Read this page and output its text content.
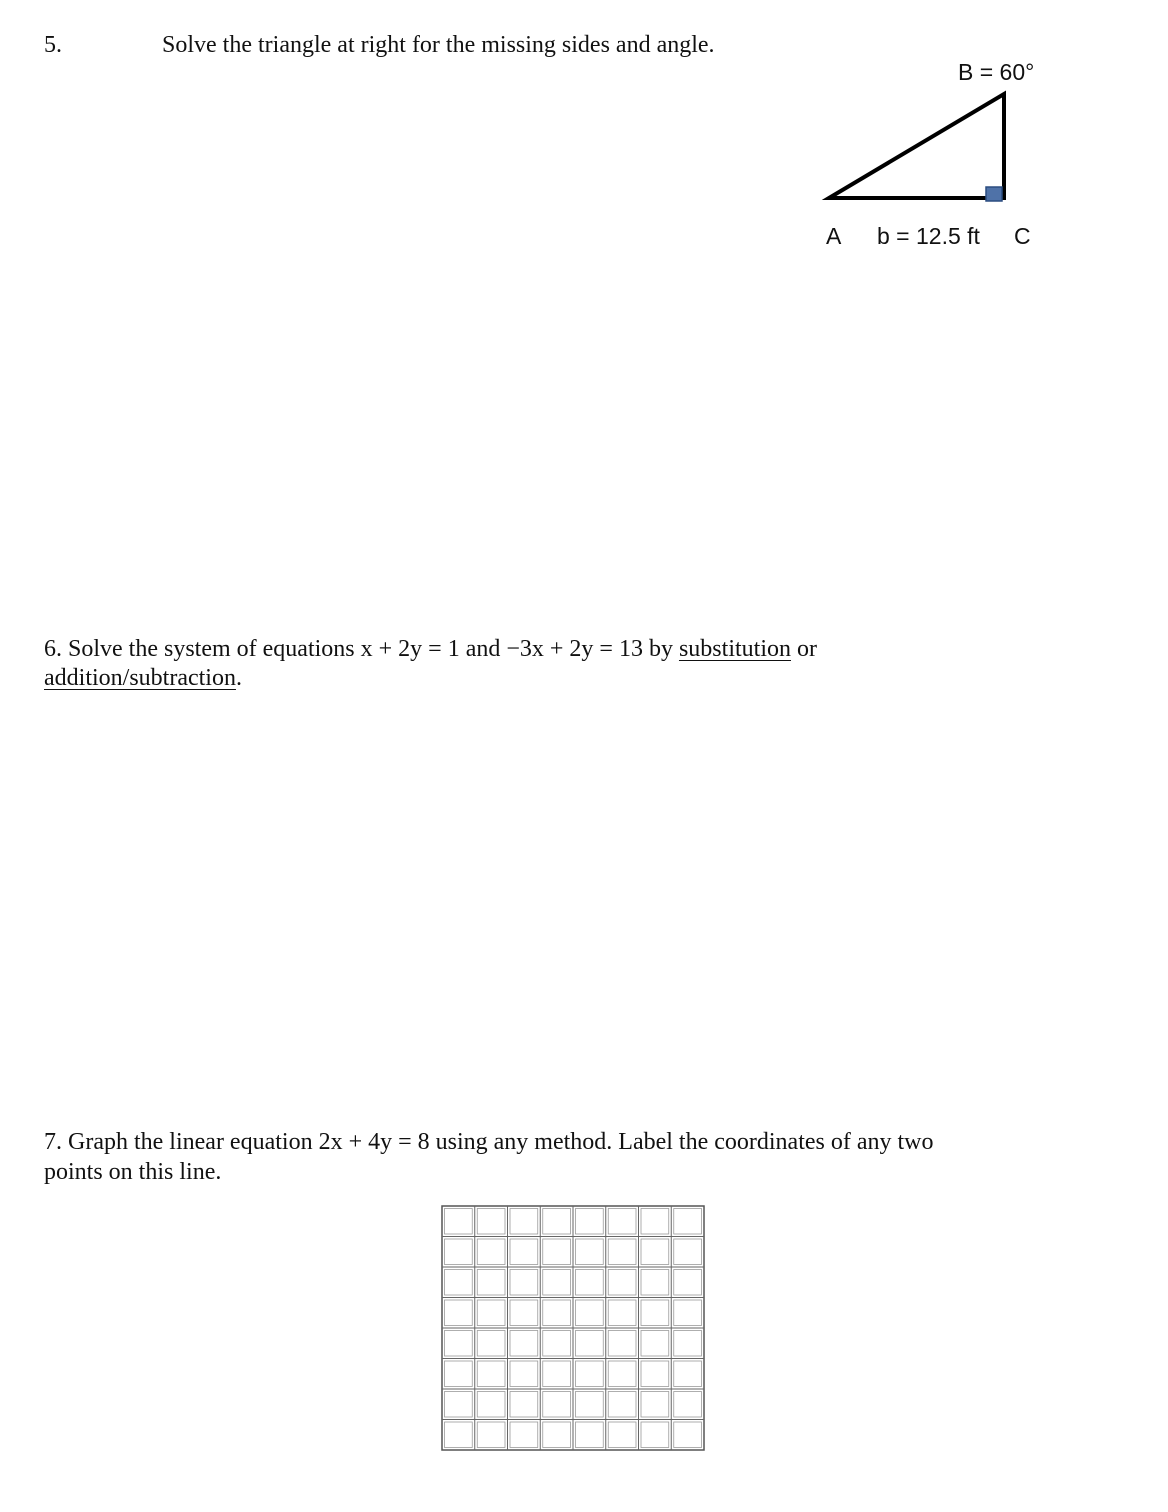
5.	Solve the triangle at right for the missing sides and angle.
B = 60°
A b = 12.5 ft C
6. Solve the system of equations x + 2y = 1 and −3x + 2y = 13 by substitution or
addition/subtraction.
7. Graph the linear equation 2x + 4y = 8 using any method. Label the coordinates of any two
points on this line.
